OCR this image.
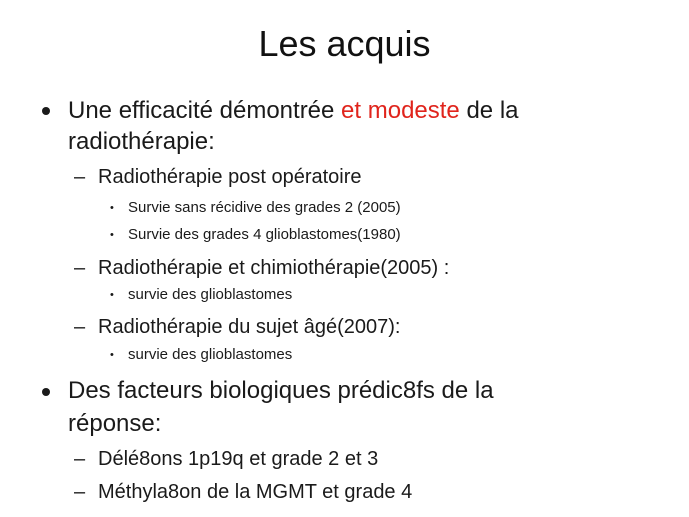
Les acquis
Une efficacité démontrée et modeste de la
radiothérapie:
– Radiothérapie post opératoire
• Survie sans récidive des grades 2 (2005)
• Survie des grades 4 glioblastomes(1980)
– Radiothérapie et chimiothérapie(2005) :
• survie des glioblastomes
– Radiothérapie du sujet âgé(2007):
• survie des glioblastomes
Des facteurs biologiques prédic8fs de la
réponse:
– Délé8ons 1p19q et grade 2 et 3
– Méthyla8on de la MGMT et grade 4
